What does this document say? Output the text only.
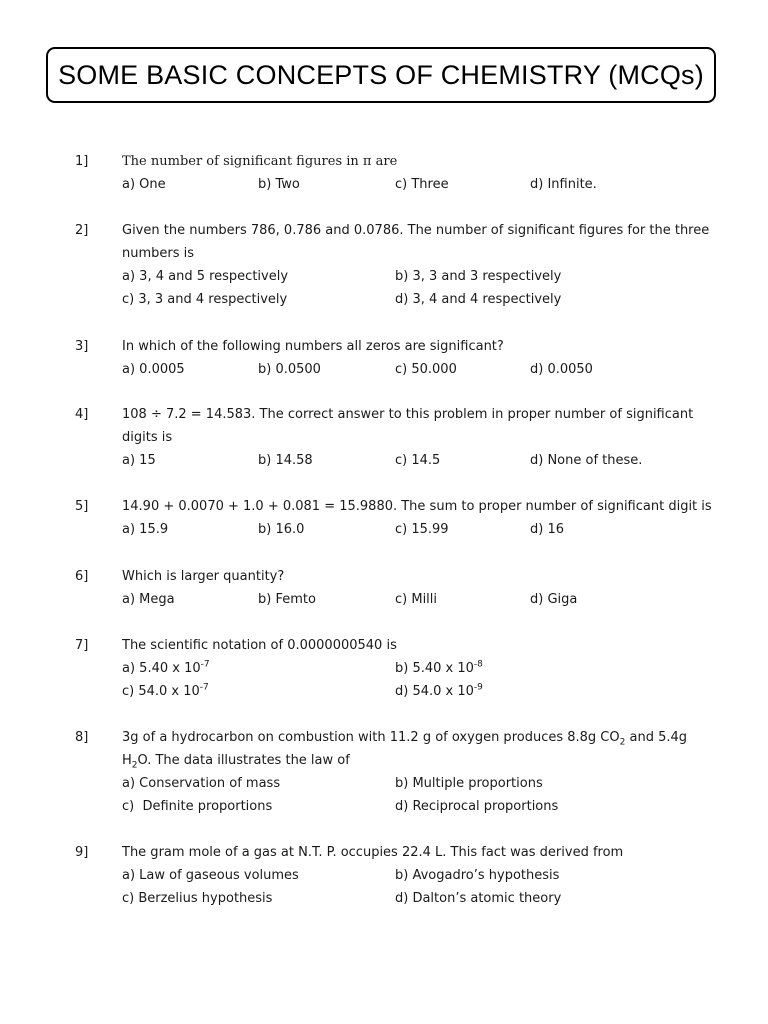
SOME BASIC CONCEPTS OF CHEMISTRY (MCQs)
1]	The number of significant figures in π are
a) One	b) Two	c) Three	d) Infinite.
2]	Given the numbers 786, 0.786 and 0.0786. The number of significant figures for the three
numbers is
a) 3, 4 and 5 respectively	b) 3, 3 and 3 respectively
c) 3, 3 and 4 respectively	d) 3, 4 and 4 respectively
3]	In which of the following numbers all zeros are significant?
a) 0.0005	b) 0.0500	c) 50.000	d) 0.0050
4]	108 ÷ 7.2 = 14.583. The correct answer to this problem in proper number of significant
digits is
a) 15	b) 14.58	c) 14.5	d) None of these.
5]	14.90 + 0.0070 + 1.0 + 0.081 = 15.9880. The sum to proper number of significant digit is
a) 15.9	b) 16.0	c) 15.99	d) 16
6]	Which is larger quantity?
a) Mega	b) Femto	c) Milli	d) Giga
7]	The scientific notation of 0.0000000540 is
a) 5.40 x $10^{-7}$	b) 5.40 x $10^{-8}$
c) 54.0 x $10^{-7}$	d) 54.0 x $10^{-9}$
8]	3g of a hydrocarbon on combustion with 11.2 g of oxygen produces 8.8g $CO_2$ and 5.4g
$H_2O$. The data illustrates the law of
a) Conservation of mass	b) Multiple proportions
c)  Definite proportions	d) Reciprocal proportions
9]	The gram mole of a gas at N.T. P. occupies 22.4 L. This fact was derived from
a) Law of gaseous volumes	b) Avogadro’s hypothesis
c) Berzelius hypothesis	d) Dalton’s atomic theory
